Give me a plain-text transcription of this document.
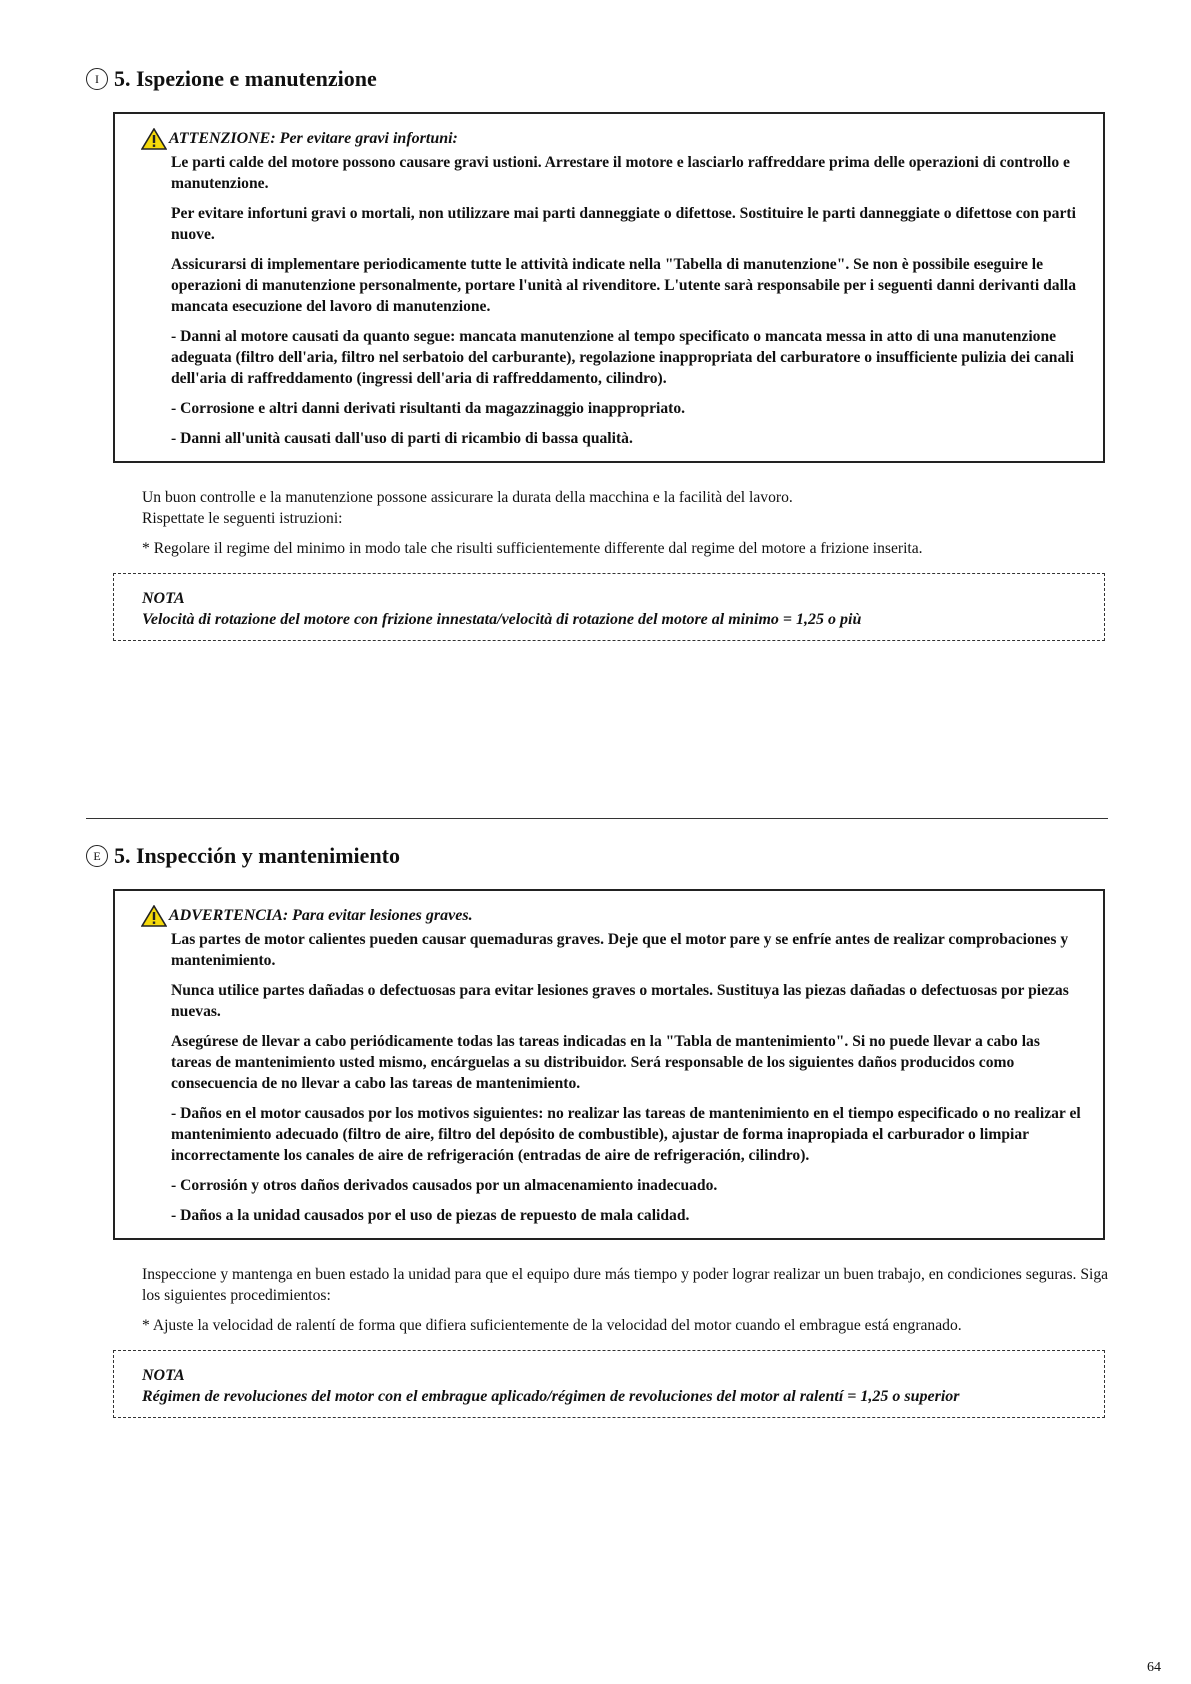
I 5. Ispezione e manutenzione
ATTENZIONE: Per evitare gravi infortuni:

Le parti calde del motore possono causare gravi ustioni. Arrestare il motore e lasciarlo raffreddare prima delle operazioni di controllo e manutenzione.

Per evitare infortuni gravi o mortali, non utilizzare mai parti danneggiate o difettose. Sostituire le parti danneggiate o difettose con parti nuove.

Assicurarsi di implementare periodicamente tutte le attività indicate nella "Tabella di manutenzione". Se non è possibile eseguire le operazioni di manutenzione personalmente, portare l'unità al rivenditore. L'utente sarà responsabile per i seguenti danni derivanti dalla mancata esecuzione del lavoro di manutenzione.

- Danni al motore causati da quanto segue: mancata manutenzione al tempo specificato o mancata messa in atto di una manutenzione adeguata (filtro dell'aria, filtro nel serbatoio del carburante), regolazione inappropriata del carburatore o insufficiente pulizia dei canali dell'aria di raffreddamento (ingressi dell'aria di raffreddamento, cilindro).

- Corrosione e altri danni derivati risultanti da magazzinaggio inappropriato.

- Danni all'unità causati dall'uso di parti di ricambio di bassa qualità.

Un buon controlle e la manutenzione possone assicurare la durata della macchina e la facilità del lavoro.
Rispettate le seguenti istruzioni:

* Regolare il regime del minimo in modo tale che risulti sufficientemente differente dal regime del motore a frizione inserita.

NOTA
Velocità di rotazione del motore con frizione innestata/velocità di rotazione del motore al minimo = 1,25 o più
E 5. Inspección y mantenimiento
ADVERTENCIA: Para evitar lesiones graves.

Las partes de motor calientes pueden causar quemaduras graves. Deje que el motor pare y se enfríe antes de realizar comprobaciones y mantenimiento.

Nunca utilice partes dañadas o defectuosas para evitar lesiones graves o mortales. Sustituya las piezas dañadas o defectuosas por piezas nuevas.

Asegúrese de llevar a cabo periódicamente todas las tareas indicadas en la "Tabla de mantenimiento". Si no puede llevar a cabo las tareas de mantenimiento usted mismo, encárguelas a su distribuidor. Será responsable de los siguientes daños producidos como consecuencia de no llevar a cabo las tareas de mantenimiento.

- Daños en el motor causados por los motivos siguientes: no realizar las tareas de mantenimiento en el tiempo especificado o no realizar el mantenimiento adecuado (filtro de aire, filtro del depósito de combustible), ajustar de forma inapropiada el carburador o limpiar incorrectamente los canales de aire de refrigeración (entradas de aire de refrigeración, cilindro).

- Corrosión y otros daños derivados causados por un almacenamiento inadecuado.

- Daños a la unidad causados por el uso de piezas de repuesto de mala calidad.

Inspeccione y mantenga en buen estado la unidad para que el equipo dure más tiempo y poder lograr realizar un buen trabajo, en condiciones seguras. Siga los siguientes procedimientos:

* Ajuste la velocidad de ralentí de forma que difiera suficientemente de la velocidad del motor cuando el embrague está engranado.

NOTA
Régimen de revoluciones del motor con el embrague aplicado/régimen de revoluciones del motor al ralentí = 1,25 o superior
64
